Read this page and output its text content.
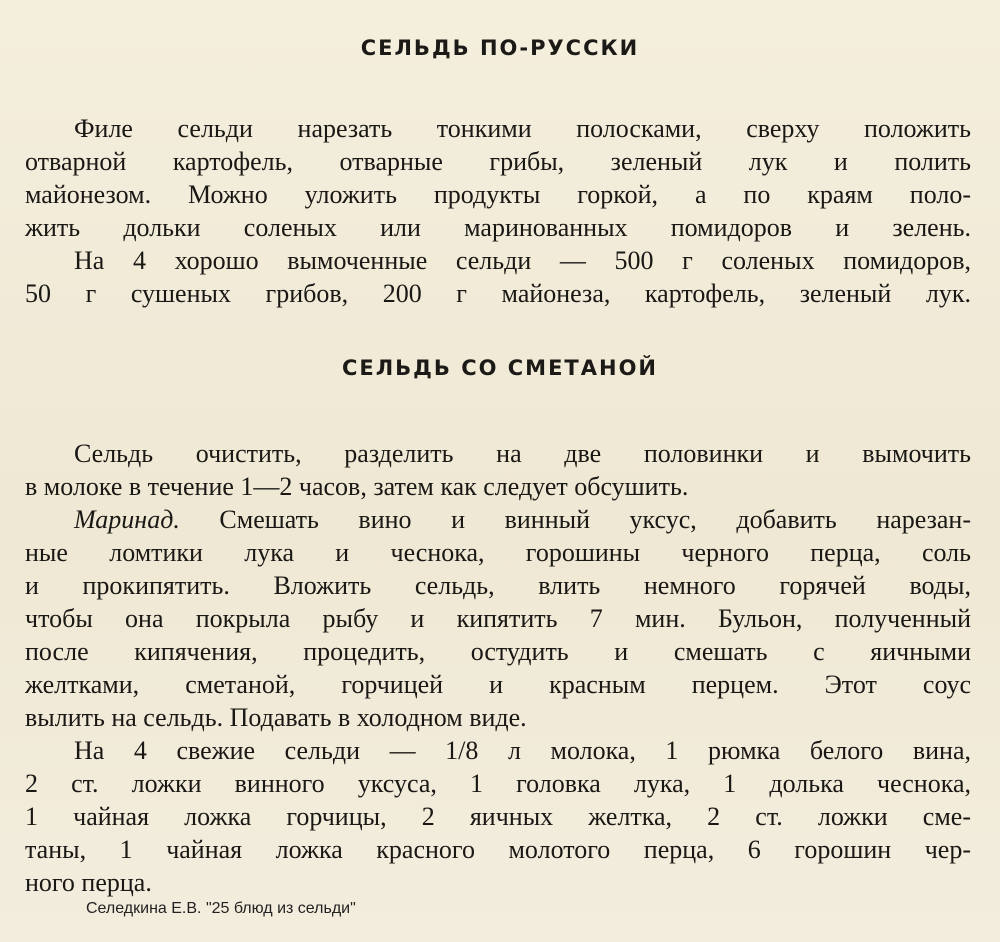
СЕЛЬДЬ ПО-РУССКИ

Филе сельди нарезать тонкими полосками, сверху положить

отварной картофель, отварные грибы, зеленый лук и полить

майонезом. Можно уложить продукты горкой, а по краям поло-

жить дольки соленых или маринованных помидоров и зелень.

На 4 хорошо вымоченные сельди — 500 г соленых помидоров,

50 г сушеных грибов, 200 г майонеза, картофель, зеленый лук.

СЕЛЬДЬ СО СМЕТАНОЙ

Сельдь очистить, разделить на две половинки и вымочить

в молоке в течение 1—2 часов, затем как следует обсушить.

Маринад. Смешать вино и винный уксус, добавить нарезан-

ные ломтики лука и чеснока, горошины черного перца, соль

и прокипятить. Вложить сельдь, влить немного горячей воды,

чтобы она покрыла рыбу и кипятить 7 мин. Бульон, полученный

после кипячения, процедить, остудить и смешать с яичными

желтками, сметаной, горчицей и красным перцем. Этот соус

вылить на сельдь. Подавать в холодном виде.

На 4 свежие сельди — 1/8 л молока, 1 рюмка белого вина,

2 ст. ложки винного уксуса, 1 головка лука, 1 долька чеснока,

1 чайная ложка горчицы, 2 яичных желтка, 2 ст. ложки сме-

таны, 1 чайная ложка красного молотого перца, 6 горошин чер-

ного перца.

Селедкина Е.В. "25 блюд из сельди"
